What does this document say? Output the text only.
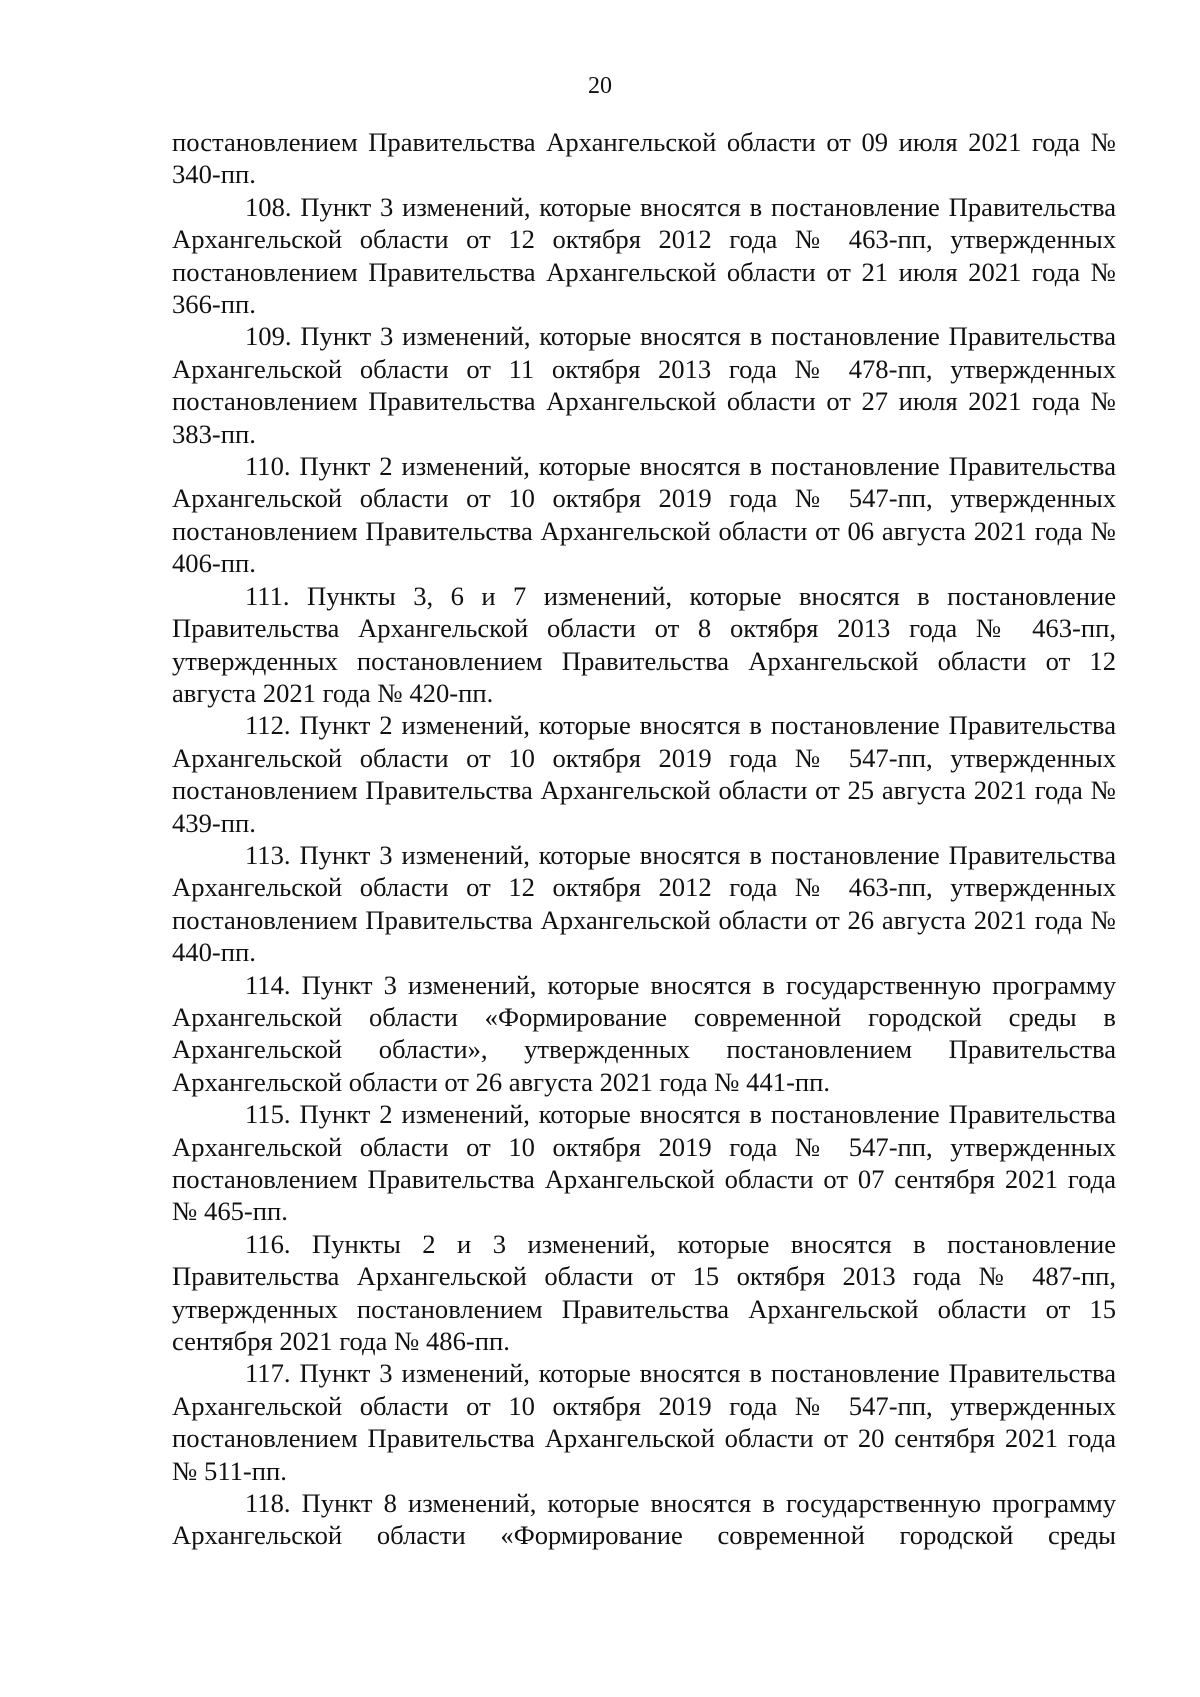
20

постановлением Правительства Архангельской области от 09 июля 2021 года № 340-пп.

108. Пункт 3 изменений, которые вносятся в постановление Правительства Архангельской области от 12 октября 2012 года № 463-пп, утвержденных постановлением Правительства Архангельской области от 21 июля 2021 года № 366-пп.

109. Пункт 3 изменений, которые вносятся в постановление Правительства Архангельской области от 11 октября 2013 года № 478-пп, утвержденных постановлением Правительства Архангельской области от 27 июля 2021 года № 383-пп.

110. Пункт 2 изменений, которые вносятся в постановление Правительства Архангельской области от 10 октября 2019 года № 547-пп, утвержденных постановлением Правительства Архангельской области от 06 августа 2021 года № 406-пп.

111. Пункты 3, 6 и 7 изменений, которые вносятся в постановление Правительства Архангельской области от 8 октября 2013 года № 463-пп, утвержденных постановлением Правительства Архангельской области от 12 августа 2021 года № 420-пп.

112. Пункт 2 изменений, которые вносятся в постановление Правительства Архангельской области от 10 октября 2019 года № 547-пп, утвержденных постановлением Правительства Архангельской области от 25 августа 2021 года № 439-пп.

113. Пункт 3 изменений, которые вносятся в постановление Правительства Архангельской области от 12 октября 2012 года № 463-пп, утвержденных постановлением Правительства Архангельской области от 26 августа 2021 года № 440-пп.

114. Пункт 3 изменений, которые вносятся в государственную программу Архангельской области «Формирование современной городской среды в Архангельской области», утвержденных постановлением Правительства Архангельской области от 26 августа 2021 года № 441-пп.

115. Пункт 2 изменений, которые вносятся в постановление Правительства Архангельской области от 10 октября 2019 года № 547-пп, утвержденных постановлением Правительства Архангельской области от 07 сентября 2021 года № 465-пп.

116. Пункты 2 и 3 изменений, которые вносятся в постановление Правительства Архангельской области от 15 октября 2013 года № 487-пп, утвержденных постановлением Правительства Архангельской области от 15 сентября 2021 года № 486-пп.

117. Пункт 3 изменений, которые вносятся в постановление Правительства Архангельской области от 10 октября 2019 года № 547-пп, утвержденных постановлением Правительства Архангельской области от 20 сентября 2021 года № 511-пп.

118. Пункт 8 изменений, которые вносятся в государственную программу Архангельской области «Формирование современной городской среды
